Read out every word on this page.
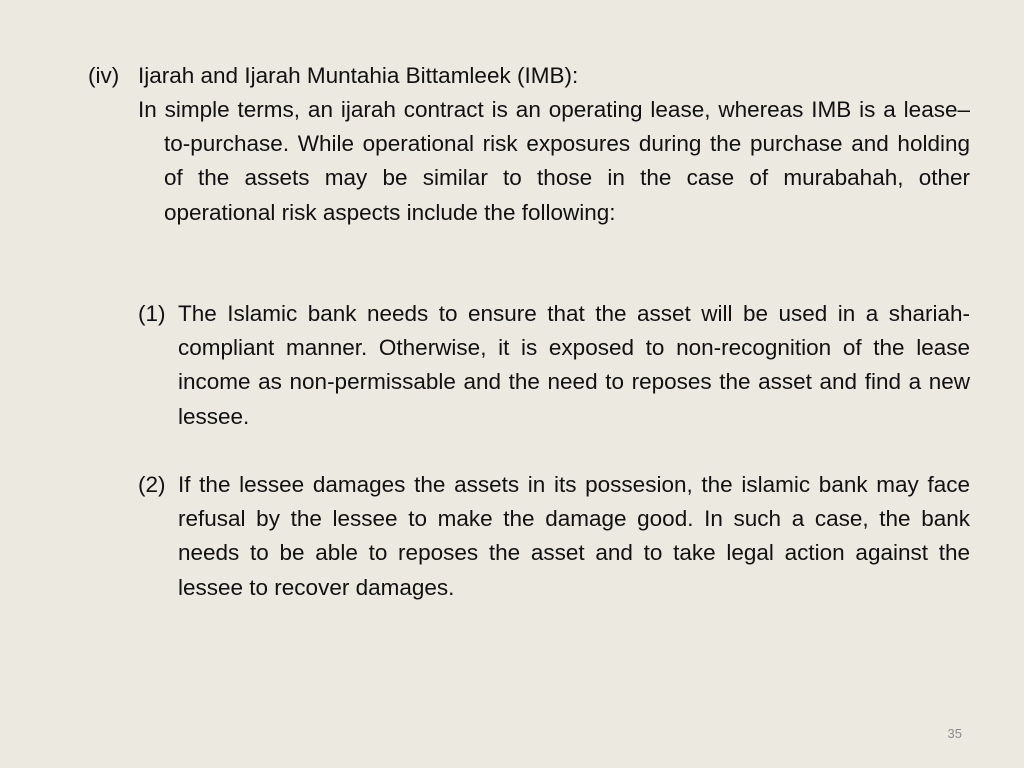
(iv) Ijarah and Ijarah Muntahia Bittamleek (IMB):
In simple terms, an ijarah contract is an operating lease, whereas IMB is a lease–to-purchase. While operational risk exposures during the purchase and holding of the assets may be similar to those in the case of murabahah, other operational risk aspects include the following:
(1) The Islamic bank needs to ensure that the asset will be used in a shariah-compliant manner. Otherwise, it is exposed to non-recognition of the lease income as non-permissable and the need to reposes the asset and find a new lessee.
(2) If the lessee damages the assets in its possesion, the islamic bank may face refusal by the lessee to make the damage good. In such a case, the bank needs to be able to reposes the asset and to take legal action against the lessee to recover damages.
35
